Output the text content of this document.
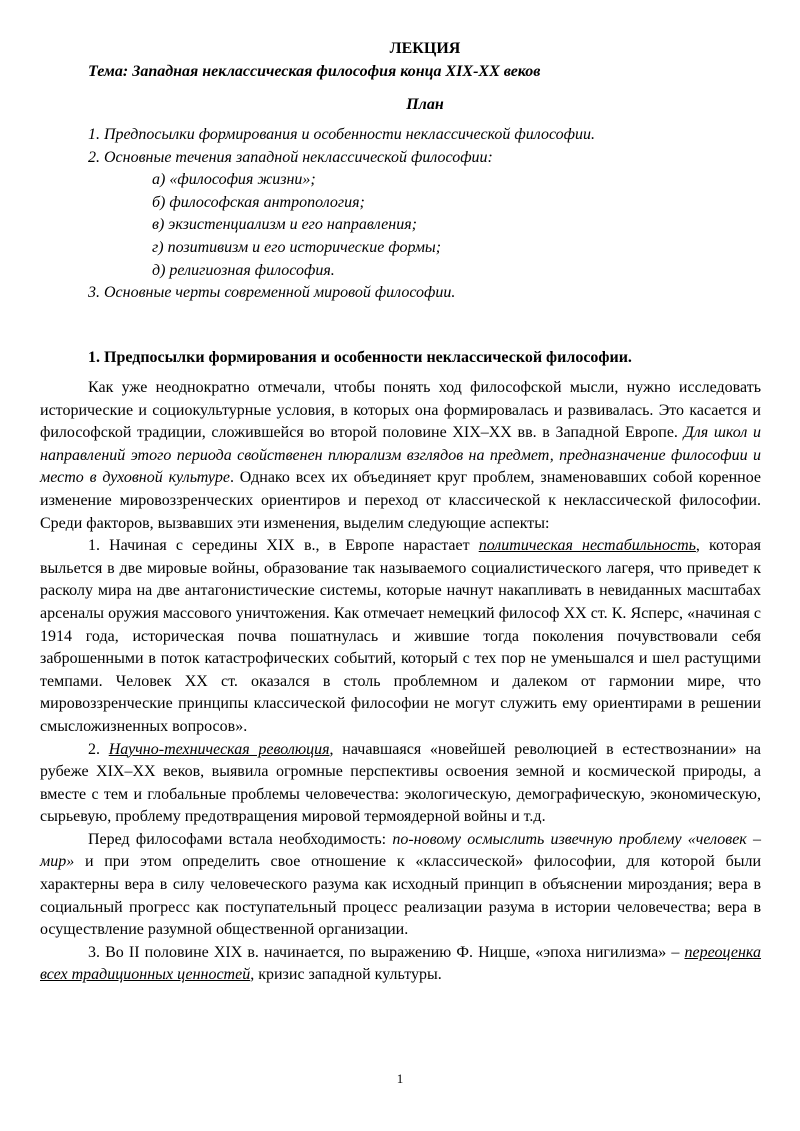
ЛЕКЦИЯ
Тема: Западная неклассическая философия конца XIX-XX веков
План
1. Предпосылки формирования и особенности неклассической философии.
2. Основные течения западной неклассической философии:
а) «философия жизни»;
б) философская антропология;
в) экзистенциализм и его направления;
г) позитивизм и его исторические формы;
д) религиозная философия.
3. Основные черты современной мировой философии.
1. Предпосылки формирования и особенности неклассической философии.

Как уже неоднократно отмечали, чтобы понять ход философской мысли, нужно исследовать исторические и социокультурные условия, в которых она формировалась и развивалась. Это касается и философской традиции, сложившейся во второй половине XIX–XX вв. в Западной Европе. Для школ и направлений этого периода свойственен плюрализм взглядов на предмет, предназначение философии и место в духовной культуре. Однако всех их объединяет круг проблем, знаменовавших собой коренное изменение мировоззренческих ориентиров и переход от классической к неклассической философии. Среди факторов, вызвавших эти изменения, выделим следующие аспекты:

1. Начиная с середины XIX в., в Европе нарастает политическая нестабильность, которая выльется в две мировые войны, образование так называемого социалистического лагеря, что приведет к расколу мира на две антагонистические системы, которые начнут накапливать в невиданных масштабах арсеналы оружия массового уничтожения. Как отмечает немецкий философ XX ст. К. Ясперс, «начиная с 1914 года, историческая почва пошатнулась и жившие тогда поколения почувствовали себя заброшенными в поток катастрофических событий, который с тех пор не уменьшался и шел растущими темпами. Человек XX ст. оказался в столь проблемном и далеком от гармонии мире, что мировоззренческие принципы классической философии не могут служить ему ориентирами в решении смысложизненных вопросов».

2. Научно-техническая революция, начавшаяся «новейшей революцией в естествознании» на рубеже XIX–XX веков, выявила огромные перспективы освоения земной и космической природы, а вместе с тем и глобальные проблемы человечества: экологическую, демографическую, экономическую, сырьевую, проблему предотвращения мировой термоядерной войны и т.д.

Перед философами встала необходимость: по-новому осмыслить извечную проблему «человек – мир» и при этом определить свое отношение к «классической» философии, для которой были характерны вера в силу человеческого разума как исходный принцип в объяснении мироздания; вера в социальный прогресс как поступательный процесс реализации разума в истории человечества; вера в осуществление разумной общественной организации.

3. Во II половине XIX в. начинается, по выражению Ф. Ницше, «эпоха нигилизма» – переоценка всех традиционных ценностей, кризис западной культуры.

1
